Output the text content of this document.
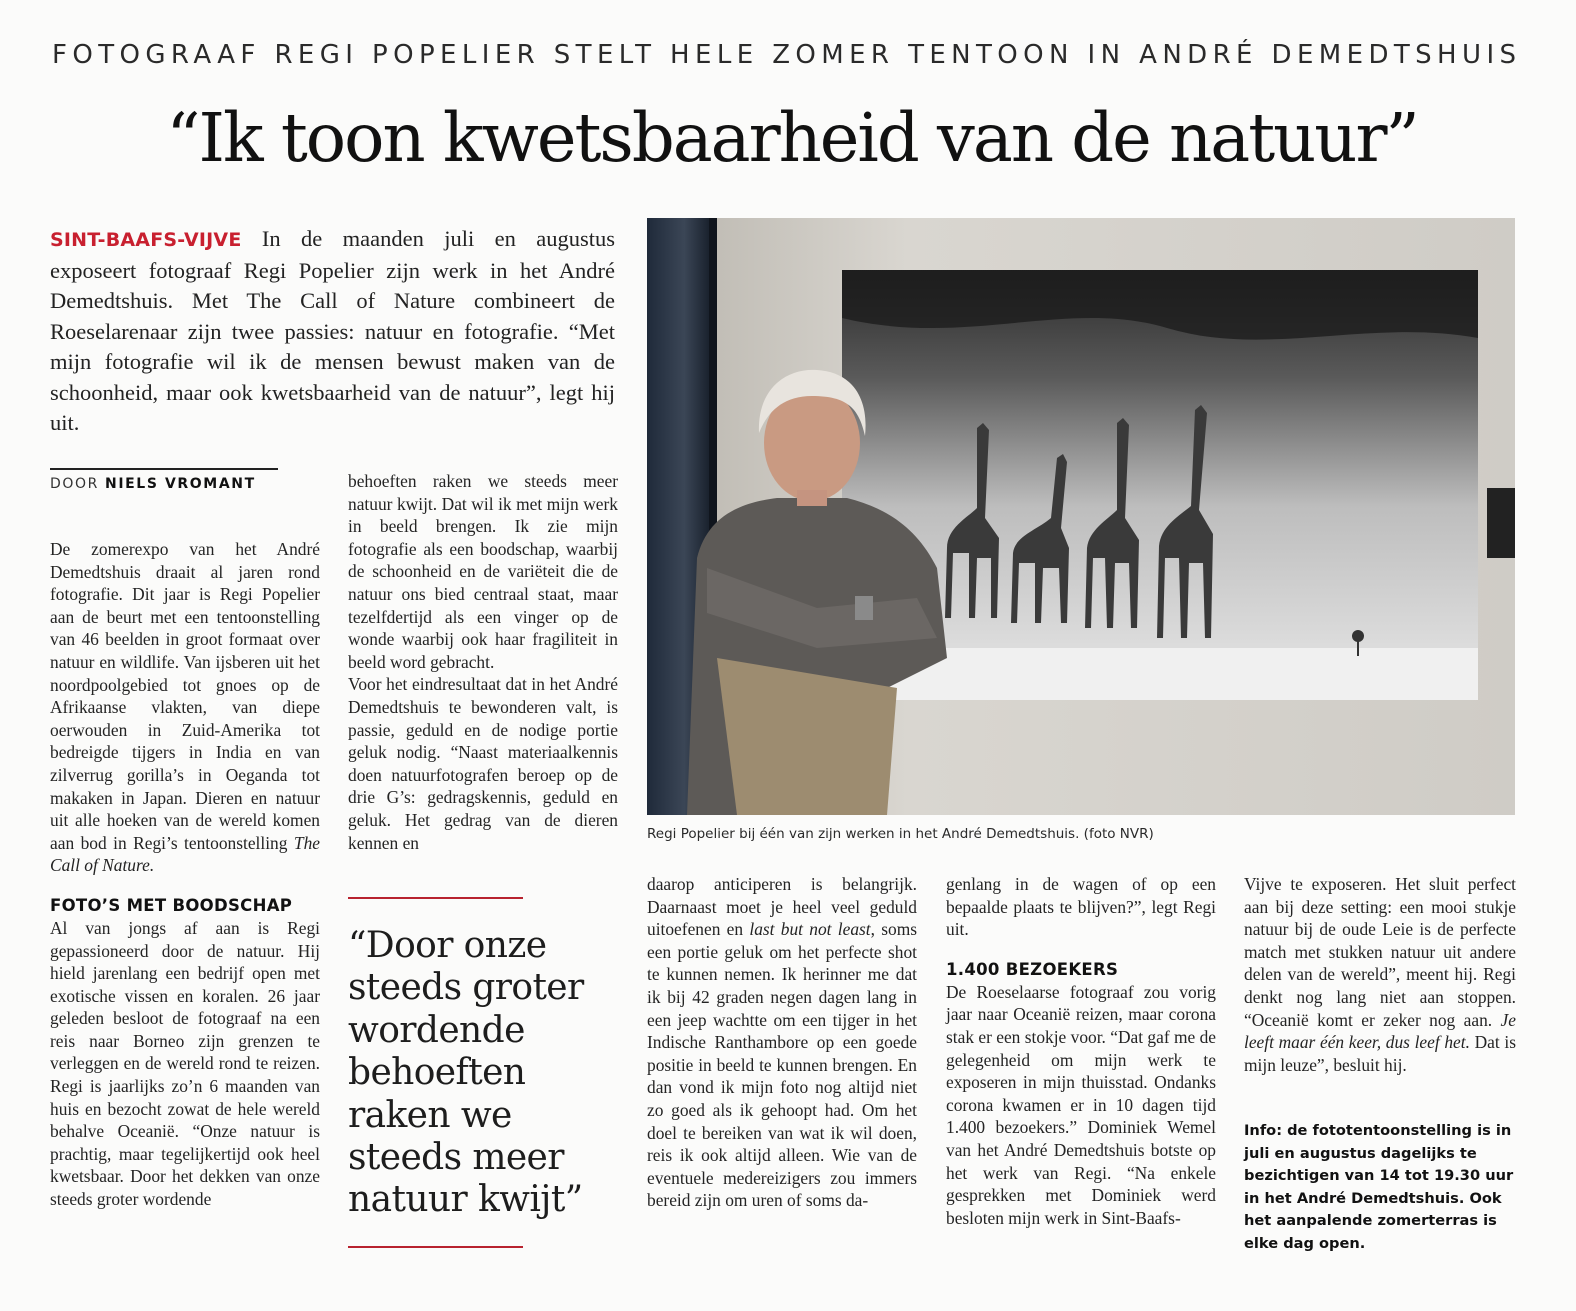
FOTOGRAAF REGI POPELIER STELT HELE ZOMER TENTOON IN ANDRÉ DEMEDTSHUIS
“Ik toon kwetsbaarheid van de natuur”
SINT-BAAFS-VIJVE In de maanden juli en augustus exposeert fotograaf Regi Popelier zijn werk in het André Demedtshuis. Met The Call of Nature combineert de Roeselarenaar zijn twee passies: natuur en fotografie. “Met mijn fotografie wil ik de mensen bewust maken van de schoonheid, maar ook kwetsbaarheid van de natuur”, legt hij uit.
DOOR NIELS VROMANT

De zomerexpo van het André Demedtshuis draait al jaren rond fotografie. Dit jaar is Regi Popelier aan de beurt met een tentoonstelling van 46 beelden in groot formaat over natuur en wildlife. Van ijsberen uit het noordpoolgebied tot gnoes op de Afrikaanse vlakten, van diepe oerwouden in Zuid-Amerika tot bedreigde tijgers in India en van zilverrug gorilla’s in Oeganda tot makaken in Japan. Dieren en natuur uit alle hoeken van de wereld komen aan bod in Regi’s tentoonstelling The Call of Nature.

FOTO’S MET BOODSCHAP

Al van jongs af aan is Regi gepassioneerd door de natuur. Hij hield jarenlang een bedrijf open met exotische vissen en koralen. 26 jaar geleden besloot de fotograaf na een reis naar Borneo zijn grenzen te verleggen en de wereld rond te reizen. Regi is jaarlijks zo’n 6 maanden van huis en bezocht zowat de hele wereld behalve Oceanië. “Onze natuur is prachtig, maar tegelijkertijd ook heel kwetsbaar. Door het dekken van onze steeds groter wordende

behoeften raken we steeds meer natuur kwijt. Dat wil ik met mijn werk in beeld brengen. Ik zie mijn fotografie als een boodschap, waarbij de schoonheid en de variëteit die de natuur ons bied centraal staat, maar tezelfdertijd als een vinger op de wonde waarbij ook haar fragiliteit in beeld word gebracht.

Voor het eindresultaat dat in het André Demedtshuis te bewonderen valt, is passie, geduld en de nodige portie geluk nodig. “Naast materiaalkennis doen natuurfotografen beroep op de drie G’s: gedragskennis, geduld en geluk. Het gedrag van de dieren kennen en

“Door onze steeds groter wordende behoeften raken we steeds meer natuur kwijt”
Regi Popelier bij één van zijn werken in het André Demedtshuis. (foto NVR)

daarop anticiperen is belangrijk. Daarnaast moet je heel veel geduld uitoefenen en last but not least, soms een portie geluk om het perfecte shot te kunnen nemen. Ik herinner me dat ik bij 42 graden negen dagen lang in een jeep wachtte om een tijger in het Indische Ranthambore op een goede positie in beeld te kunnen brengen. En dan vond ik mijn foto nog altijd niet zo goed als ik gehoopt had. Om het doel te bereiken van wat ik wil doen, reis ik ook altijd alleen. Wie van de eventuele medereizigers zou immers bereid zijn om uren of soms da-

genlang in de wagen of op een bepaalde plaats te blijven?”, legt Regi uit.

1.400 BEZOEKERS

De Roeselaarse fotograaf zou vorig jaar naar Oceanië reizen, maar corona stak er een stokje voor. “Dat gaf me de gelegenheid om mijn werk te exposeren in mijn thuisstad. Ondanks corona kwamen er in 10 dagen tijd 1.400 bezoekers.” Dominiek Wemel van het André Demedtshuis botste op het werk van Regi. “Na enkele gesprekken met Dominiek werd besloten mijn werk in Sint-Baafs-

Vijve te exposeren. Het sluit perfect aan bij deze setting: een mooi stukje natuur bij de oude Leie is de perfecte match met stukken natuur uit andere delen van de wereld”, meent hij. Regi denkt nog lang niet aan stoppen. “Oceanië komt er zeker nog aan. Je leeft maar één keer, dus leef het. Dat is mijn leuze”, besluit hij.

Info: de fototentoonstelling is in juli en augustus dagelijks te bezichtigen van 14 tot 19.30 uur in het André Demedtshuis. Ook het aanpalende zomerterras is elke dag open.
